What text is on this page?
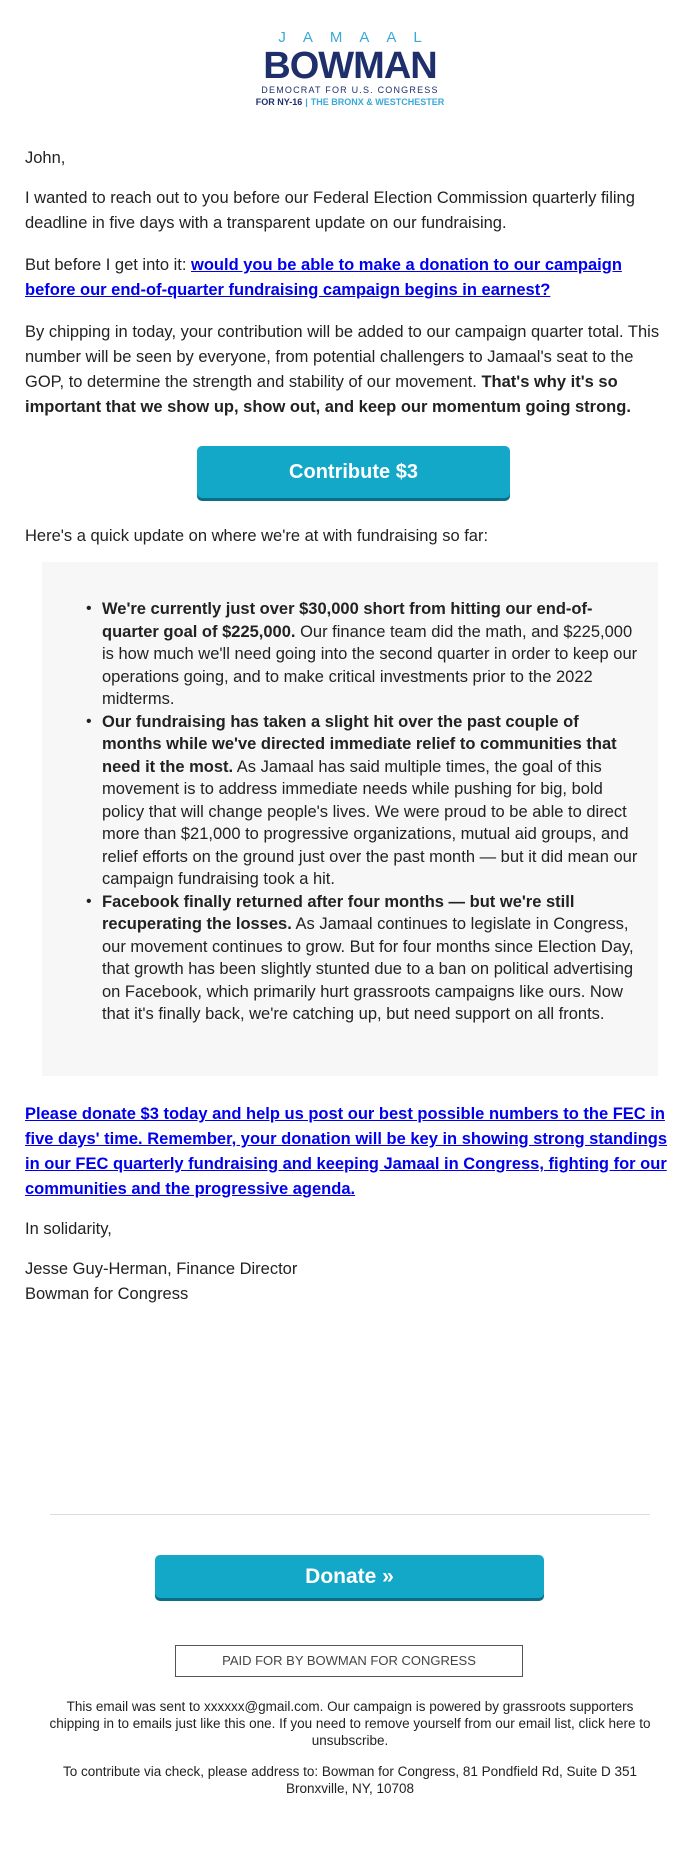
JAMAAL
BOWMAN
DEMOCRAT FOR U.S. CONGRESS
FOR NY-16 | THE BRONX & WESTCHESTER

John,

I wanted to reach out to you before our Federal Election Commission quarterly filing deadline in five days with a transparent update on our fundraising.

But before I get into it: would you be able to make a donation to our campaign before our end-of-quarter fundraising campaign begins in earnest?

By chipping in today, your contribution will be added to our campaign quarter total. This number will be seen by everyone, from potential challengers to Jamaal's seat to the GOP, to determine the strength and stability of our movement. That's why it's so important that we show up, show out, and keep our momentum going strong.

Contribute $3

Here's a quick update on where we're at with fundraising so far:

• We're currently just over $30,000 short from hitting our end-of-quarter goal of $225,000. Our finance team did the math, and $225,000 is how much we'll need going into the second quarter in order to keep our operations going, and to make critical investments prior to the 2022 midterms.
• Our fundraising has taken a slight hit over the past couple of months while we've directed immediate relief to communities that need it the most. As Jamaal has said multiple times, the goal of this movement is to address immediate needs while pushing for big, bold policy that will change people's lives. We were proud to be able to direct more than $21,000 to progressive organizations, mutual aid groups, and relief efforts on the ground just over the past month — but it did mean our campaign fundraising took a hit.
• Facebook finally returned after four months — but we're still recuperating the losses. As Jamaal continues to legislate in Congress, our movement continues to grow. But for four months since Election Day, that growth has been slightly stunted due to a ban on political advertising on Facebook, which primarily hurt grassroots campaigns like ours. Now that it's finally back, we're catching up, but need support on all fronts.

Please donate $3 today and help us post our best possible numbers to the FEC in five days' time. Remember, your donation will be key in showing strong standings in our FEC quarterly fundraising and keeping Jamaal in Congress, fighting for our communities and the progressive agenda.

In solidarity,

Jesse Guy-Herman, Finance Director

Bowman for Congress

Donate »
PAID FOR BY BOWMAN FOR CONGRESS
This email was sent to xxxxxx@gmail.com. Our campaign is powered by grassroots supporters chipping in to emails just like this one. If you need to remove yourself from our email list, click here to unsubscribe.
To contribute via check, please address to: Bowman for Congress, 81 Pondfield Rd, Suite D 351 Bronxville, NY, 10708
